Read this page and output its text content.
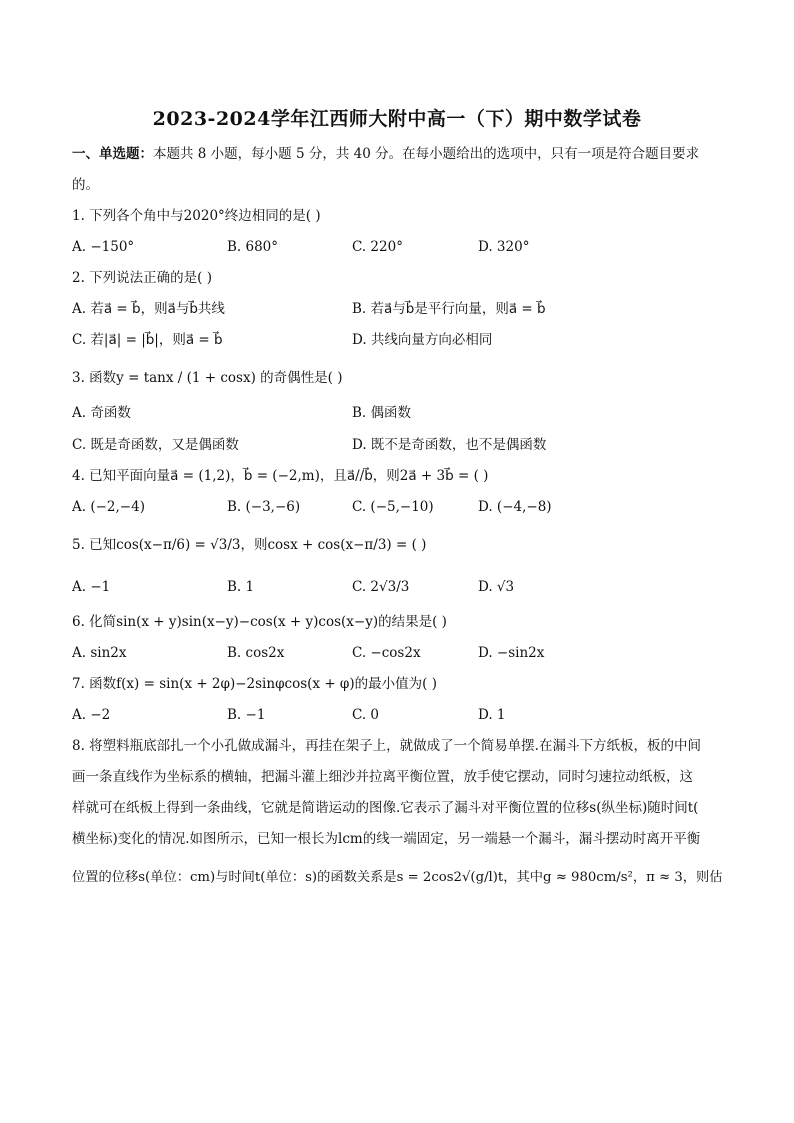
2023-2024学年江西师大附中高一（下）期中数学试卷
一、单选题：本题共 8 小题，每小题 5 分，共 40 分。在每小题给出的选项中，只有一项是符合题目要求
的。
1. 下列各个角中与2020°终边相同的是( )
A. −150°	B. 680°	C. 220°	D. 320°
2. 下列说法正确的是( )
A. 若a⃗ = b⃗，则a⃗与b⃗共线	B. 若a⃗与b⃗是平行向量，则a⃗ = b⃗
C. 若|a⃗| = |b⃗|，则a⃗ = b⃗	D. 共线向量方向必相同
3. 函数y = tanx / (1 + cosx) 的奇偶性是( )
A. 奇函数	B. 偶函数
C. 既是奇函数，又是偶函数	D. 既不是奇函数，也不是偶函数
4. 已知平面向量a⃗ = (1,2)，b⃗ = (−2,m)，且a⃗//b⃗，则2a⃗ + 3b⃗ = ( )
A. (−2,−4)	B. (−3,−6)	C. (−5,−10)	D. (−4,−8)
5. 已知cos(x−π/6) = √3/3，则cosx + cos(x−π/3) = ( )
A. −1	B. 1	C. 2√3/3	D. √3
6. 化简sin(x + y)sin(x−y)−cos(x + y)cos(x−y)的结果是( )
A. sin2x	B. cos2x	C. −cos2x	D. −sin2x
7. 函数f(x) = sin(x + 2φ)−2sinφcos(x + φ)的最小值为( )
A. −2	B. −1	C. 0	D. 1
8. 将塑料瓶底部扎一个小孔做成漏斗，再挂在架子上，就做成了一个简易单摆.在漏斗下方纸板，板的中间
画一条直线作为坐标系的横轴，把漏斗灌上细沙并拉离平衡位置，放手使它摆动，同时匀速拉动纸板，这
样就可在纸板上得到一条曲线，它就是简谐运动的图像.它表示了漏斗对平衡位置的位移s(纵坐标)随时间t(
横坐标)变化的情况.如图所示，已知一根长为lcm的线一端固定，另一端悬一个漏斗，漏斗摆动时离开平衡
位置的位移s(单位：cm)与时间t(单位：s)的函数关系是s = 2cos2√(g/l)t，其中g ≈ 980cm/s²，π ≈ 3，则估
